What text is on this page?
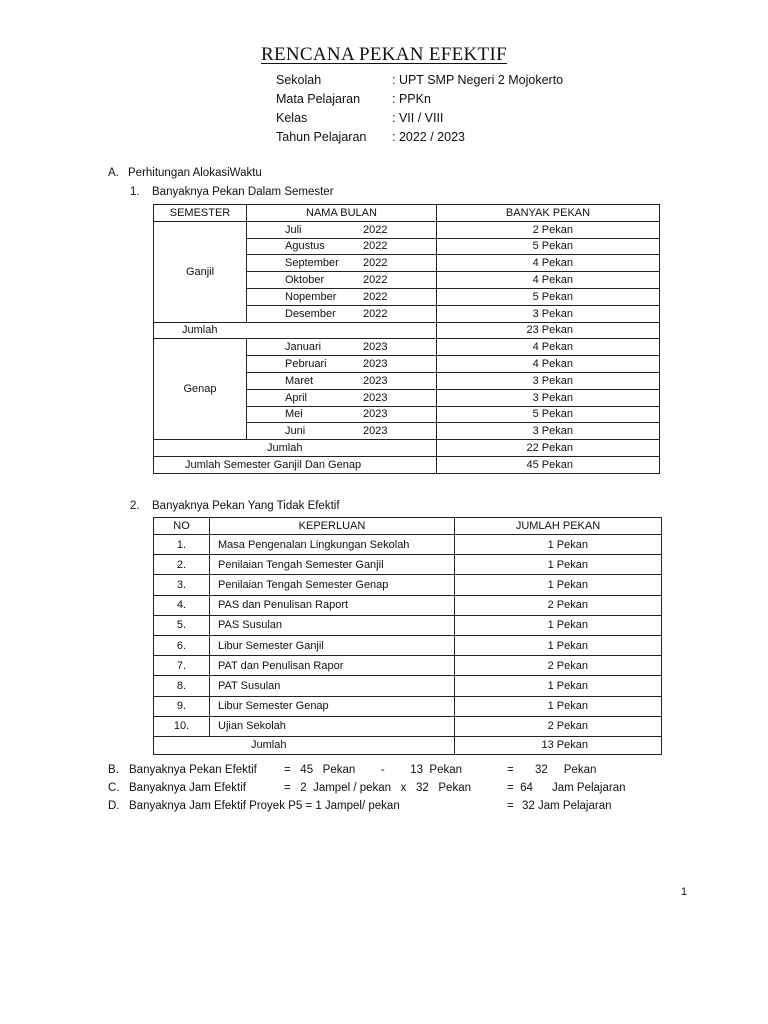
RENCANA PEKAN EFEKTIF
Sekolah	: UPT SMP Negeri 2 Mojokerto
Mata Pelajaran	: PPKn
Kelas	: VII / VIII
Tahun Pelajaran : 2022 / 2023
A. Perhitungan AlokasiWaktu
1. Banyaknya Pekan Dalam Semester
SEMESTER	NAMA BULAN	BANYAK PEKAN
Ganjil	Juli 2022	2 Pekan
	Agustus 2022	5 Pekan
	September 2022	4 Pekan
	Oktober 2022	4 Pekan
	Nopember 2022	5 Pekan
	Desember 2022	3 Pekan
Jumlah		23 Pekan
Genap	Januari 2023	4 Pekan
	Pebruari 2023	4 Pekan
	Maret 2023	3 Pekan
	April 2023	3 Pekan
	Mei 2023	5 Pekan
	Juni 2023	3 Pekan
Jumlah		22 Pekan
Jumlah Semester Ganjil Dan Genap		45 Pekan
2. Banyaknya Pekan Yang Tidak Efektif
NO	KEPERLUAN	JUMLAH PEKAN
1.	Masa Pengenalan Lingkungan Sekolah	1 Pekan
2.	Penilaian Tengah Semester Ganjil	1 Pekan
3.	Penilaian Tengah Semester Genap	1 Pekan
4.	PAS dan Penulisan Raport	2 Pekan
5.	PAS Susulan	1 Pekan
6.	Libur Semester Ganjil	1 Pekan
7.	PAT dan Penulisan Rapor	2 Pekan
8.	PAT Susulan	1 Pekan
9.	Libur Semester Genap	1 Pekan
10.	Ujian Sekolah	2 Pekan
Jumlah		13 Pekan
B. Banyaknya Pekan Efektif =   45   Pekan        -        13  Pekan	= 32     Pekan
C. Banyaknya Jam Efektif	=   2  Jampel / pekan   x   32   Pekan	=  64 Jam Pelajaran
D. Banyaknya Jam Efektif Proyek P5 = 1 Jampel/ pekan	= 32 Jam Pelajaran
1
